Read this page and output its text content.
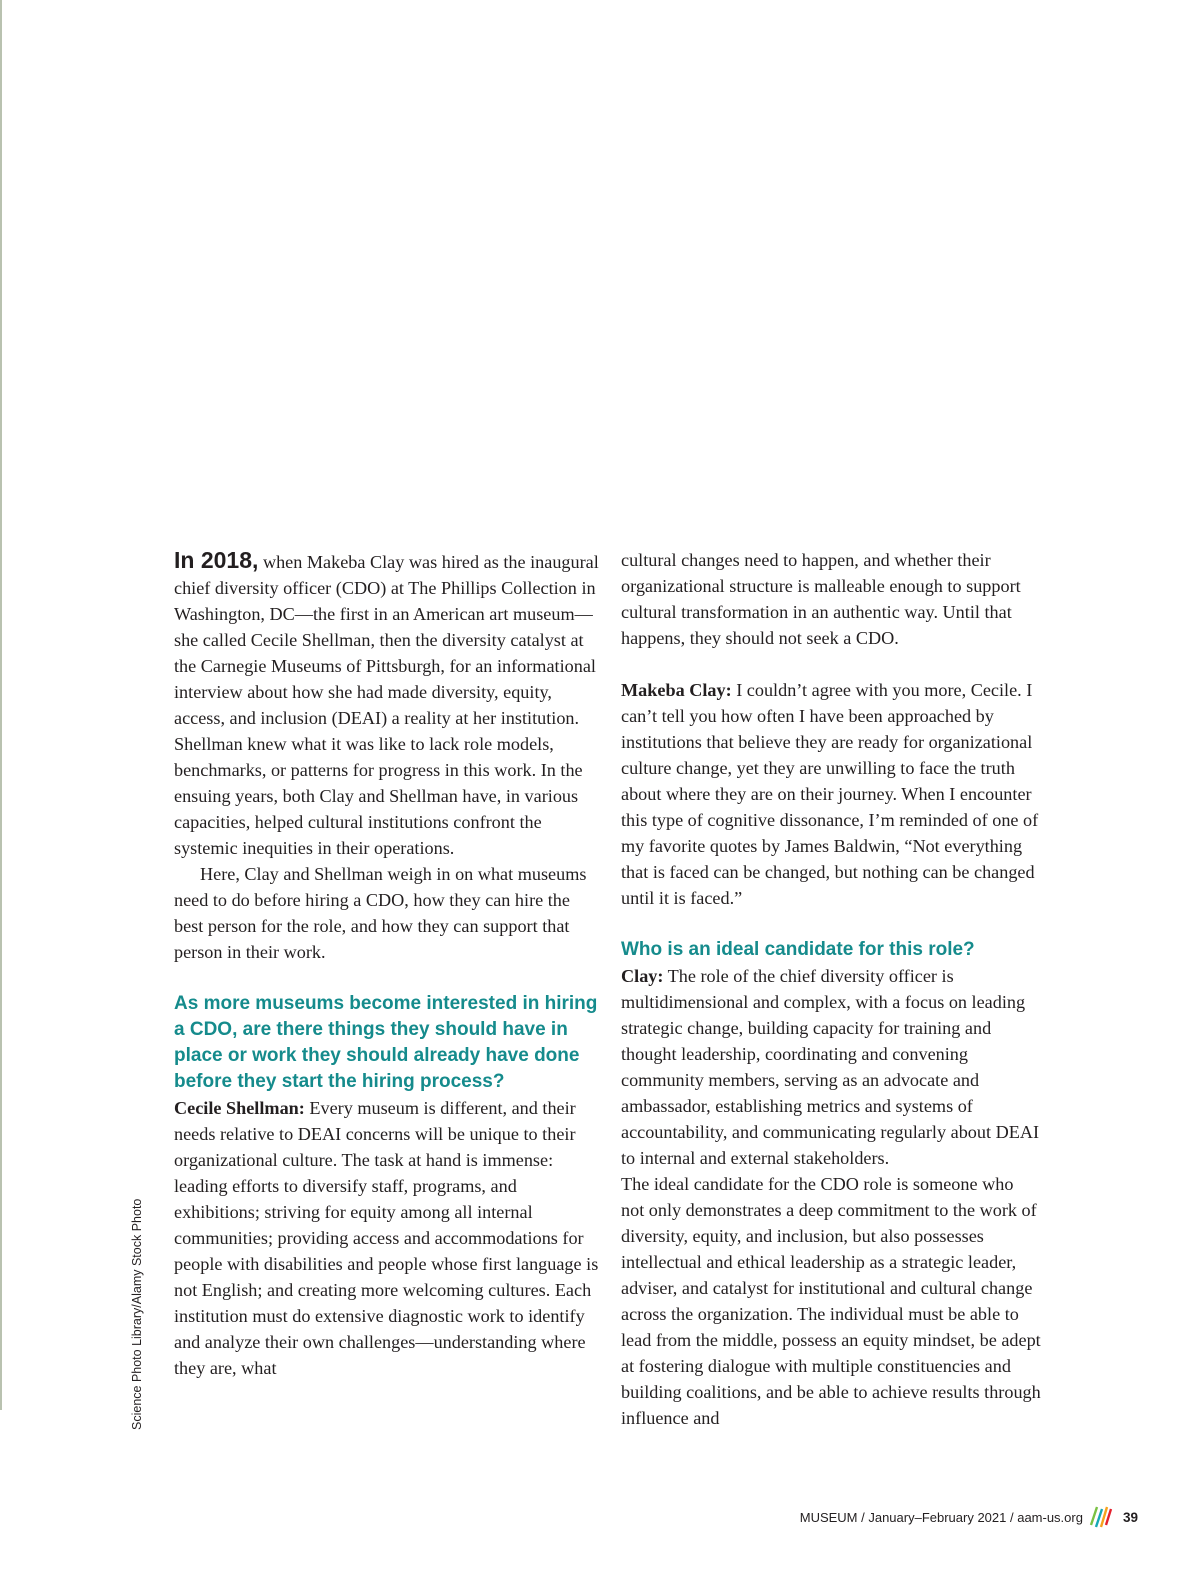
Science Photo Library/Alamy Stock Photo

In 2018, when Makeba Clay was hired as the inaugural chief diversity officer (CDO) at The Phillips Collection in Washington, DC—the first in an American art museum—she called Cecile Shellman, then the diversity catalyst at the Carnegie Museums of Pittsburgh, for an informational interview about how she had made diversity, equity, access, and inclusion (DEAI) a reality at her institution. Shellman knew what it was like to lack role models, benchmarks, or patterns for progress in this work. In the ensuing years, both Clay and Shellman have, in various capacities, helped cultural institutions confront the systemic inequities in their operations.

Here, Clay and Shellman weigh in on what museums need to do before hiring a CDO, how they can hire the best person for the role, and how they can support that person in their work.

As more museums become interested in hiring a CDO, are there things they should have in place or work they should already have done before they start the hiring process?

Cecile Shellman: Every museum is different, and their needs relative to DEAI concerns will be unique to their organizational culture. The task at hand is immense: leading efforts to diversify staff, programs, and exhibitions; striving for equity among all internal communities; providing access and accommodations for people with disabilities and people whose first language is not English; and creating more welcoming cultures. Each institution must do extensive diagnostic work to identify and analyze their own challenges—understanding where they are, what

cultural changes need to happen, and whether their organizational structure is malleable enough to support cultural transformation in an authentic way. Until that happens, they should not seek a CDO.

Makeba Clay: I couldn’t agree with you more, Cecile. I can’t tell you how often I have been approached by institutions that believe they are ready for organizational culture change, yet they are unwilling to face the truth about where they are on their journey. When I encounter this type of cognitive dissonance, I’m reminded of one of my favorite quotes by James Baldwin, “Not everything that is faced can be changed, but nothing can be changed until it is faced.”

Who is an ideal candidate for this role?

Clay: The role of the chief diversity officer is multidimensional and complex, with a focus on leading strategic change, building capacity for training and thought leadership, coordinating and convening community members, serving as an advocate and ambassador, establishing metrics and systems of accountability, and communicating regularly about DEAI to internal and external stakeholders.

The ideal candidate for the CDO role is someone who not only demonstrates a deep commitment to the work of diversity, equity, and inclusion, but also possesses intellectual and ethical leadership as a strategic leader, adviser, and catalyst for institutional and cultural change across the organization. The individual must be able to lead from the middle, possess an equity mindset, be adept at fostering dialogue with multiple constituencies and building coalitions, and be able to achieve results through influence and

MUSEUM / January–February 2021 / aam-us.org	39
